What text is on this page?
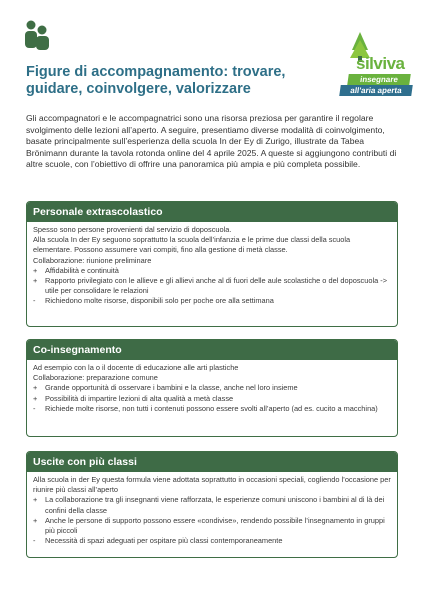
silviva
insegnare
all'aria aperta
Figure di accompagnamento: trovare, guidare, coinvolgere, valorizzare

Gli accompagnatori e le accompagnatrici sono una risorsa preziosa per garantire il regolare svolgimento delle lezioni all’aperto. A seguire, presentiamo diverse modalità di coinvolgimento, basate principalmente sull’esperienza della scuola In der Ey di Zurigo, illustrate da Tabea Brönimann durante la tavola rotonda online del 4 aprile 2025. A queste si aggiungono contributi di altre scuole, con l’obiettivo di offrire una panoramica più ampia e più completa possibile.

Personale extrascolastico
Spesso sono persone provenienti dal servizio di doposcuola.
Alla scuola In der Ey seguono soprattutto la scuola dell’infanzia e le prime due classi della scuola elementare. Possono assumere vari compiti, fino alla gestione di metà classe.
Collaborazione: riunione preliminare
+	Affidabilità e continuità
+	Rapporto privilegiato con le allieve e gli allievi anche al di fuori delle aule scolastiche o del doposcuola -> utile per consolidare le relazioni
-	Richiedono molte risorse, disponibili solo per poche ore alla settimana
Co-insegnamento
Ad esempio con la o il docente di educazione alle arti plastiche
Collaborazione: preparazione comune
+	Grande opportunità di osservare i bambini e la classe, anche nel loro insieme
+	Possibilità di impartire lezioni di alta qualità a metà classe
-	Richiede molte risorse, non tutti i contenuti possono essere svolti all’aperto (ad es. cucito a macchina)
Uscite con più classi
Alla scuola in der Ey questa formula viene adottata soprattutto in occasioni speciali, cogliendo l’occasione per riunire più classi all’aperto
+	La collaborazione tra gli insegnanti viene rafforzata, le esperienze comuni uniscono i bambini al di là dei confini della classe
+	Anche le persone di supporto possono essere «condivise», rendendo possibile l’insegnamento in gruppi più piccoli
-	Necessità di spazi adeguati per ospitare più classi contemporaneamente
